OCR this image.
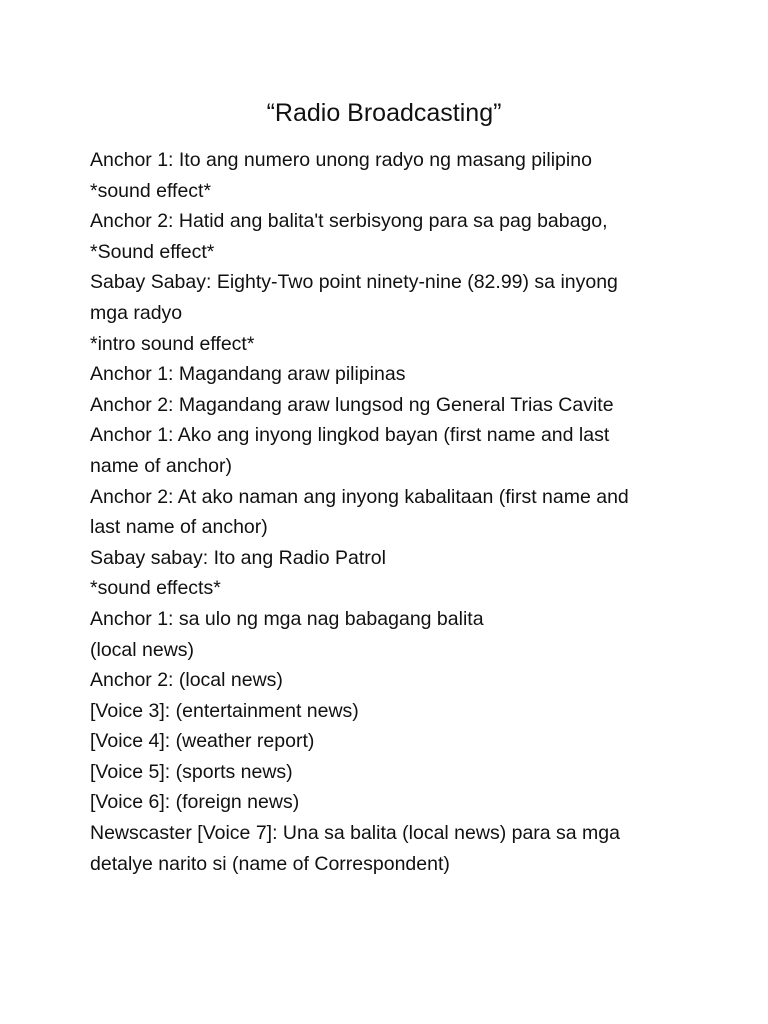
“Radio Broadcasting”
Anchor 1: Ito ang numero unong radyo ng masang pilipino
*sound effect*
Anchor 2: Hatid ang balita't serbisyong para sa pag babago,
*Sound effect*
Sabay Sabay: Eighty-Two point ninety-nine (82.99) sa inyong
mga radyo
*intro sound effect*
Anchor 1: Magandang araw pilipinas
Anchor 2: Magandang araw lungsod ng General Trias Cavite
Anchor 1: Ako ang inyong lingkod bayan (first name and last
name of anchor)
Anchor 2: At ako naman ang inyong kabalitaan (first name and
last name of anchor)
Sabay sabay: Ito ang Radio Patrol
*sound effects*
Anchor 1: sa ulo ng mga nag babagang balita
(local news)
Anchor 2: (local news)
[Voice 3]: (entertainment news)
[Voice 4]: (weather report)
[Voice 5]: (sports news)
[Voice 6]: (foreign news)
Newscaster [Voice 7]: Una sa balita (local news) para sa mga
detalye narito si (name of Correspondent)
